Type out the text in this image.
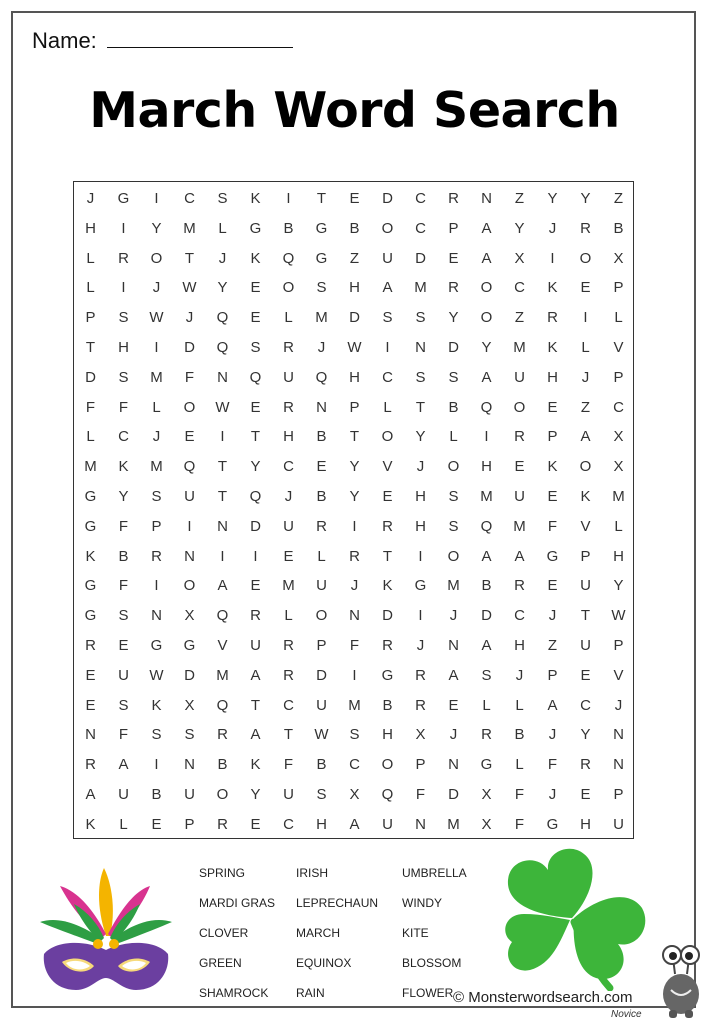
Name:
March Word Search
J	G	I	C	S	K	I	T	E	D	C	R	N	Z	Y	Y	Z
H	I	Y	M	L	G	B	G	B	O	C	P	A	Y	J	R	B
L	R	O	T	J	K	Q	G	Z	U	D	E	A	X	I	O	X
L	I	J	W	Y	E	O	S	H	A	M	R	O	C	K	E	P
P	S	W	J	Q	E	L	M	D	S	S	Y	O	Z	R	I	L
T	H	I	D	Q	S	R	J	W	I	N	D	Y	M	K	L	V
D	S	M	F	N	Q	U	Q	H	C	S	S	A	U	H	J	P
F	F	L	O	W	E	R	N	P	L	T	B	Q	O	E	Z	C
L	C	J	E	I	T	H	B	T	O	Y	L	I	R	P	A	X
M	K	M	Q	T	Y	C	E	Y	V	J	O	H	E	K	O	X
G	Y	S	U	T	Q	J	B	Y	E	H	S	M	U	E	K	M
G	F	P	I	N	D	U	R	I	R	H	S	Q	M	F	V	L
K	B	R	N	I	I	E	L	R	T	I	O	A	A	G	P	H
G	F	I	O	A	E	M	U	J	K	G	M	B	R	E	U	Y
G	S	N	X	Q	R	L	O	N	D	I	J	D	C	J	T	W
R	E	G	G	V	U	R	P	F	R	J	N	A	H	Z	U	P
E	U	W	D	M	A	R	D	I	G	R	A	S	J	P	E	V
E	S	K	X	Q	T	C	U	M	B	R	E	L	L	A	C	J
N	F	S	S	R	A	T	W	S	H	X	J	R	B	J	Y	N
R	A	I	N	B	K	F	B	C	O	P	N	G	L	F	R	N
A	U	B	U	O	Y	U	S	X	Q	F	D	X	F	J	E	P
K	L	E	P	R	E	C	H	A	U	N	M	X	F	G	H	U
SPRING
MARDI GRAS
CLOVER
GREEN
SHAMROCK
IRISH
LEPRECHAUN
MARCH
EQUINOX
RAIN
UMBRELLA
WINDY
KITE
BLOSSOM
FLOWER © Monsterwordsearch.com
Novice
